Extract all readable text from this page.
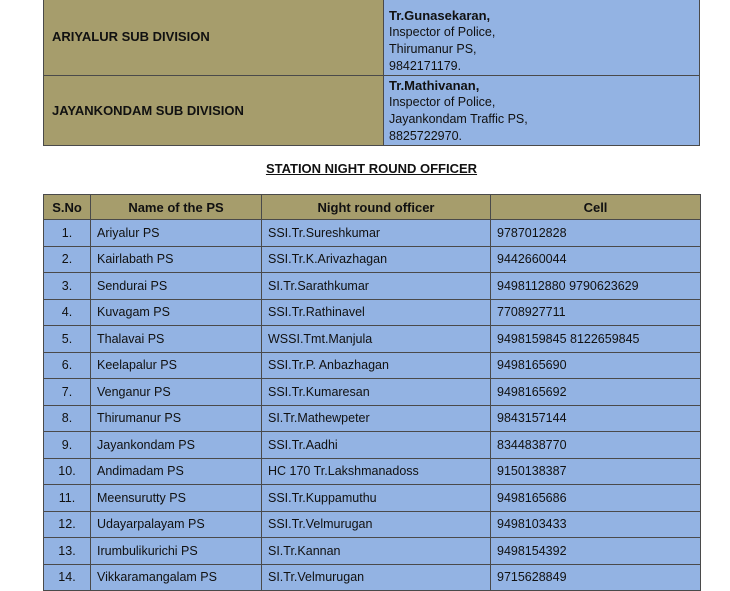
ARIYALUR SUB DIVISION	Tr.Gunasekaran,
Inspector of Police,
Thirumanur PS,
9842171179.

JAYANKONDAM SUB DIVISION	Tr.Mathivanan,
Inspector of Police,
Jayankondam Traffic PS,
8825722970.
STATION NIGHT ROUND OFFICER
S.No	Name of the PS	Night round officer	Cell
1.	Ariyalur PS	SSI.Tr.Sureshkumar	9787012828
2.	Kairlabath PS	SSI.Tr.K.Arivazhagan	9442660044
3.	Sendurai PS	SI.Tr.Sarathkumar	9498112880 9790623629
4.	Kuvagam PS	SSI.Tr.Rathinavel	7708927711
5.	Thalavai PS	WSSI.Tmt.Manjula	9498159845 8122659845
6.	Keelapalur PS	SSI.Tr.P. Anbazhagan	9498165690
7.	Venganur PS	SSI.Tr.Kumaresan	9498165692
8.	Thirumanur PS	SI.Tr.Mathewpeter	9843157144
9.	Jayankondam PS	SSI.Tr.Aadhi	8344838770
10.	Andimadam PS	HC 170 Tr.Lakshmanadoss	9150138387
11.	Meensurutty PS	SSI.Tr.Kuppamuthu	9498165686
12.	Udayarpalayam PS	SSI.Tr.Velmurugan	9498103433
13.	Irumbulikurichi PS	SI.Tr.Kannan	9498154392
14.	Vikkaramangalam PS	SI.Tr.Velmurugan	9715628849
